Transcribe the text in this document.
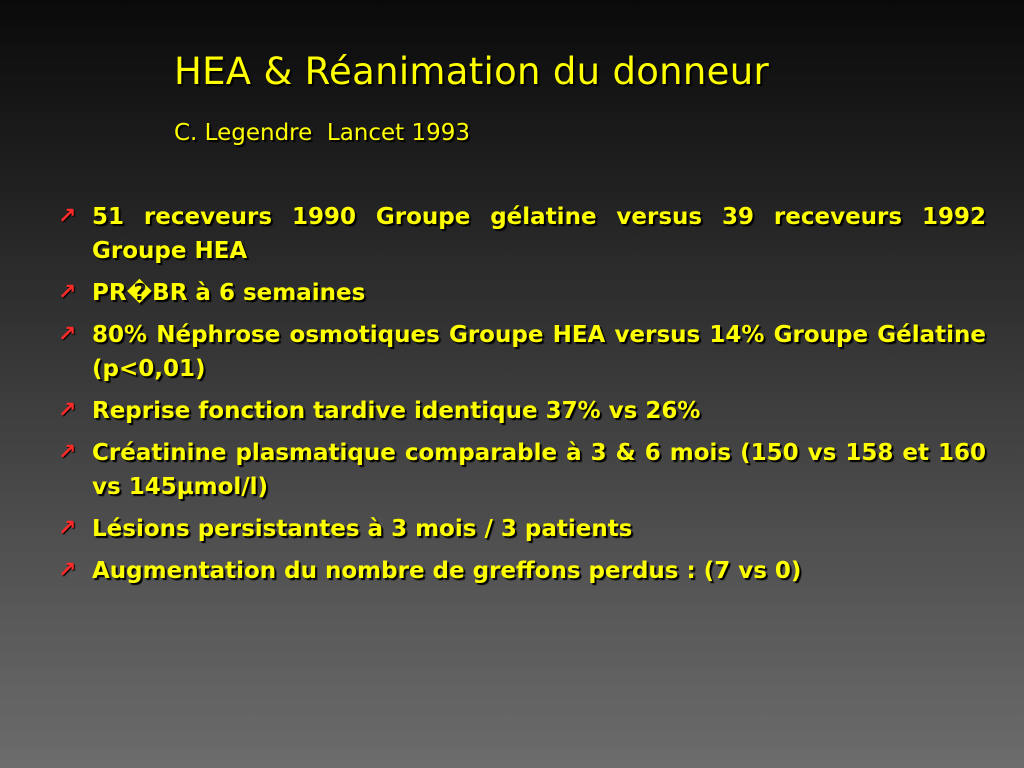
HEA & Réanimation du donneur
C. Legendre  Lancet 1993
↗ 51 receveurs 1990 Groupe gélatine versus 39 receveurs 1992 Groupe HEA
↗ PR�BR à 6 semaines
↗ 80% Néphrose osmotiques Groupe HEA versus 14% Groupe Gélatine (p<0,01)
↗ Reprise fonction tardive identique 37% vs 26%
↗ Créatinine plasmatique comparable à 3 & 6 mois (150 vs 158 et 160 vs 145µmol/l)
↗ Lésions persistantes à 3 mois / 3 patients
↗ Augmentation du nombre de greffons perdus : (7 vs 0)
